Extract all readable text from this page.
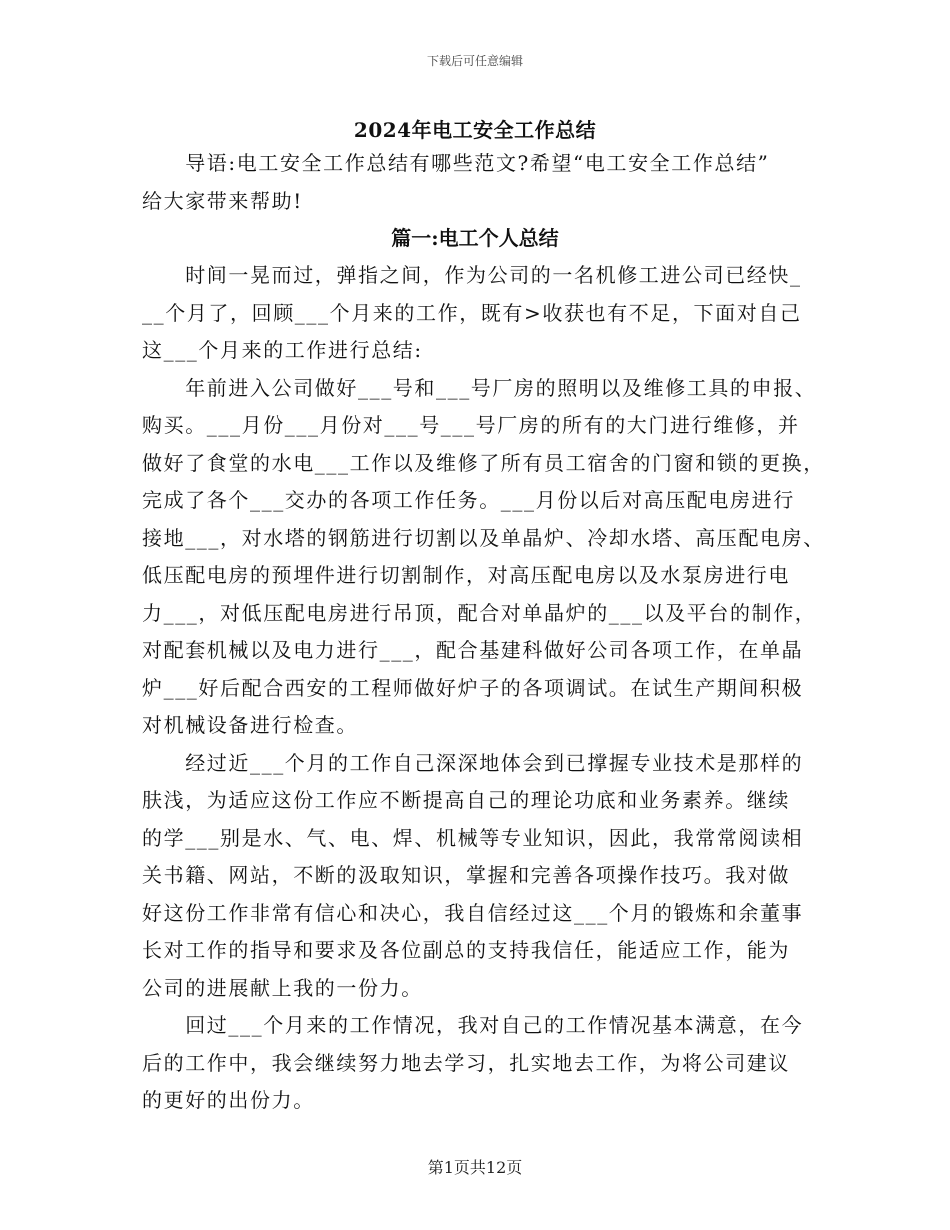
下载后可任意编辑
2024年电工安全工作总结
　　导语:电工安全工作总结有哪些范文?希望“电工安全工作总结”
给大家带来帮助!
篇一:电工个人总结
　　时间一晃而过，弹指之间，作为公司的一名机修工进公司已经快_
__个月了，回顾___个月来的工作，既有>收获也有不足，下面对自己
这___个月来的工作进行总结:
　　年前进入公司做好___号和___号厂房的照明以及维修工具的申报、
购买。___月份___月份对___号___号厂房的所有的大门进行维修，并
做好了食堂的水电___工作以及维修了所有员工宿舍的门窗和锁的更换，
完成了各个___交办的各项工作任务。___月份以后对高压配电房进行
接地___，对水塔的钢筋进行切割以及单晶炉、冷却水塔、高压配电房、
低压配电房的预埋件进行切割制作，对高压配电房以及水泵房进行电
力___，对低压配电房进行吊顶，配合对单晶炉的___以及平台的制作，
对配套机械以及电力进行___，配合基建科做好公司各项工作，在单晶
炉___好后配合西安的工程师做好炉子的各项调试。在试生产期间积极
对机械设备进行检查。
　　经过近___个月的工作自己深深地体会到已撑握专业技术是那样的
肤浅，为适应这份工作应不断提高自己的理论功底和业务素养。继续
的学___别是水、气、电、焊、机械等专业知识，因此，我常常阅读相
关书籍、网站，不断的汲取知识，掌握和完善各项操作技巧。我对做
好这份工作非常有信心和决心，我自信经过这___个月的锻炼和余董事
长对工作的指导和要求及各位副总的支持我信任，能适应工作，能为
公司的进展献上我的一份力。
　　回过___个月来的工作情况，我对自己的工作情况基本满意，在今
后的工作中，我会继续努力地去学习，扎实地去工作，为将公司建议
的更好的出份力。
第1页共12页
